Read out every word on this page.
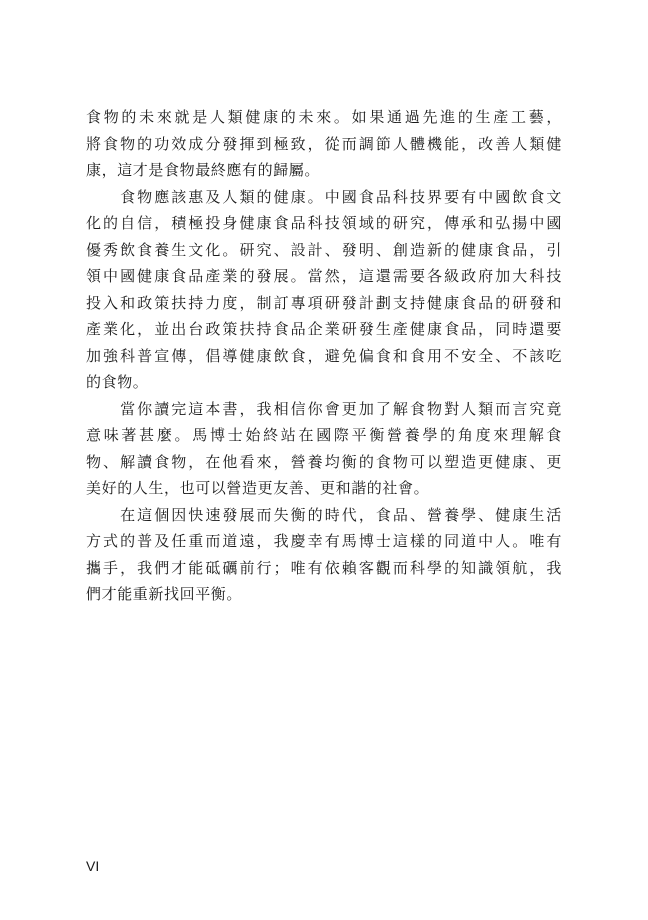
食物的未來就是人類健康的未來。如果通過先進的生產工藝，
將食物的功效成分發揮到極致，從而調節人體機能，改善人類健
康，這才是食物最終應有的歸屬。
　　食物應該惠及人類的健康。中國食品科技界要有中國飲食文
化的自信，積極投身健康食品科技領域的研究，傳承和弘揚中國
優秀飲食養生文化。研究、設計、發明、創造新的健康食品，引
領中國健康食品產業的發展。當然，這還需要各級政府加大科技
投入和政策扶持力度，制訂專項研發計劃支持健康食品的研發和
產業化，並出台政策扶持食品企業研發生產健康食品，同時還要
加強科普宣傳，倡導健康飲食，避免偏食和食用不安全、不該吃
的食物。
　　當你讀完這本書，我相信你會更加了解食物對人類而言究竟
意味著甚麼。馬博士始終站在國際平衡營養學的角度來理解食
物、解讀食物，在他看來，營養均衡的食物可以塑造更健康、更
美好的人生，也可以營造更友善、更和諧的社會。
　　在這個因快速發展而失衡的時代，食品、營養學、健康生活
方式的普及任重而道遠，我慶幸有馬博士這樣的同道中人。唯有
攜手，我們才能砥礪前行；唯有依賴客觀而科學的知識領航，我
們才能重新找回平衡。
VI
